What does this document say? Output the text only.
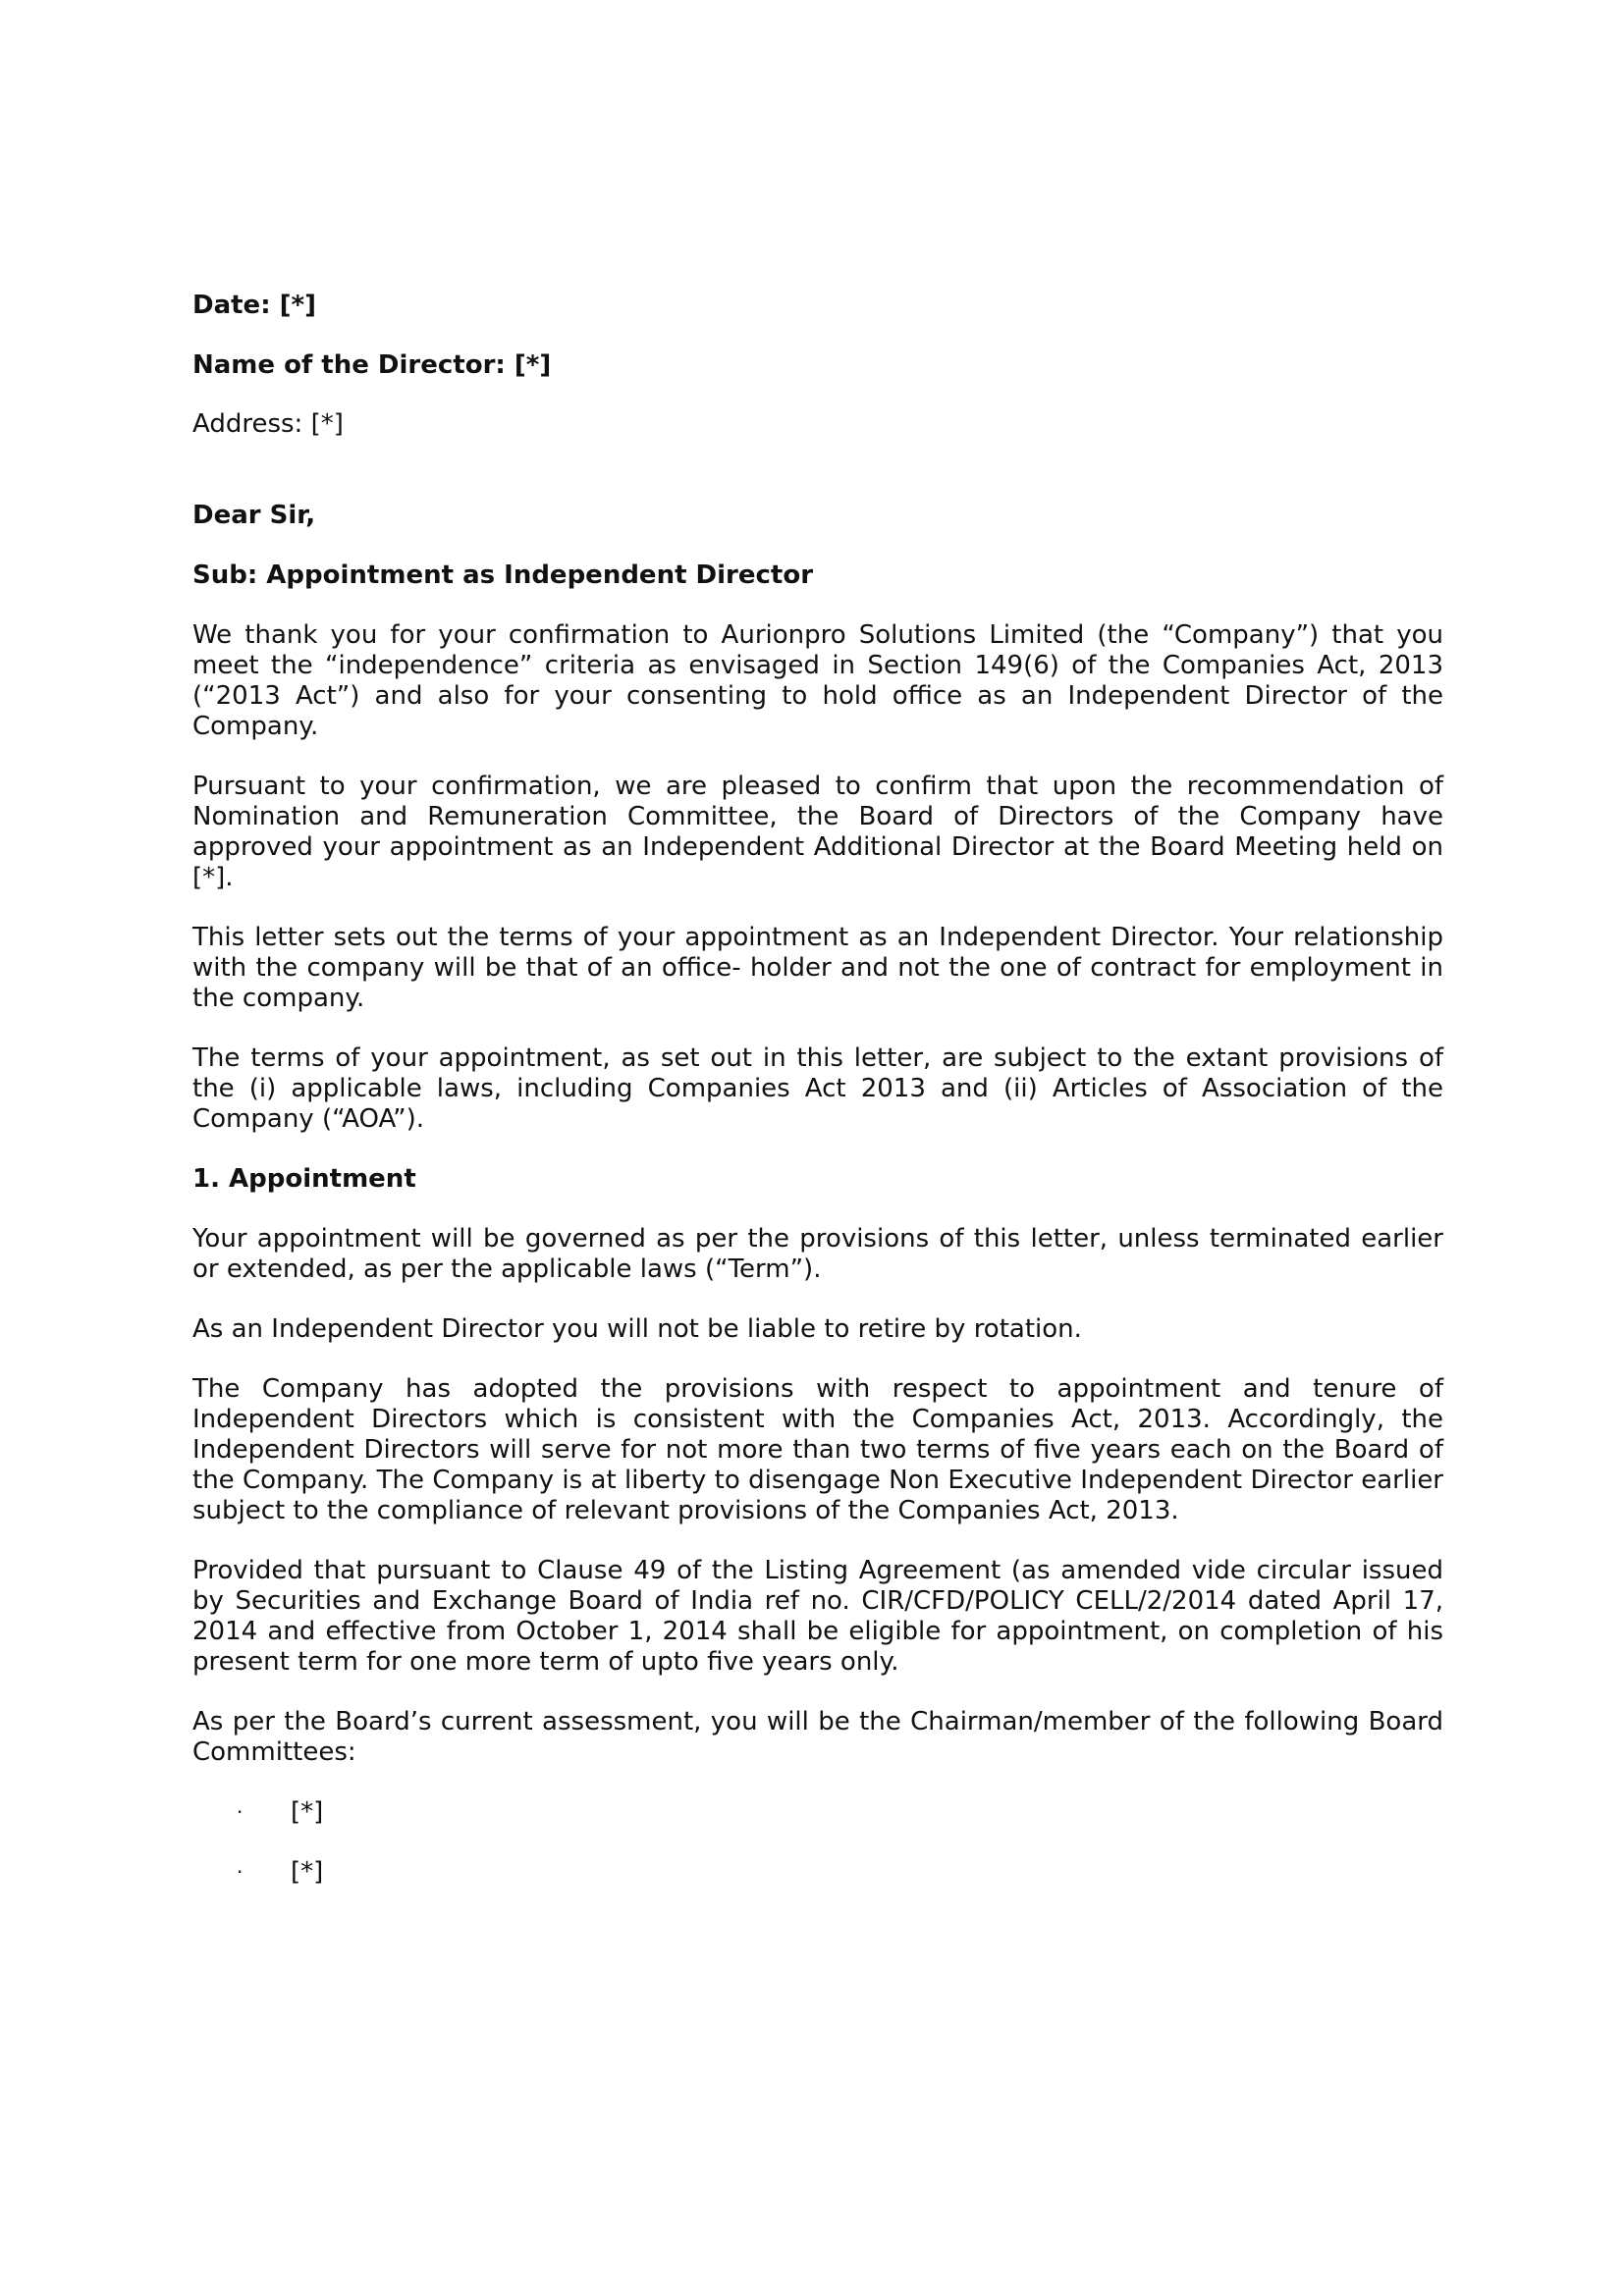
Date: [*]

Name of the Director: [*]

Address: [*]

Dear Sir,

Sub: Appointment as Independent Director

We thank you for your confirmation to Aurionpro Solutions Limited (the “Company”) that you meet the “independence” criteria as envisaged in Section 149(6) of the Companies Act, 2013 (“2013 Act”) and also for your consenting to hold office as an Independent Director of the Company.

Pursuant to your confirmation, we are pleased to confirm that upon the recommendation of Nomination and Remuneration Committee, the Board of Directors of the Company have approved your appointment as an Independent Additional Director at the Board Meeting held on [*].

This letter sets out the terms of your appointment as an Independent Director. Your relationship with the company will be that of an office- holder and not the one of contract for employment in the company.

The terms of your appointment, as set out in this letter, are subject to the extant provisions of the (i) applicable laws, including Companies Act 2013 and (ii) Articles of Association of the Company (“AOA”).

1. Appointment

Your appointment will be governed as per the provisions of this letter, unless terminated earlier or extended, as per the applicable laws (“Term”).

As an Independent Director you will not be liable to retire by rotation.

The Company has adopted the provisions with respect to appointment and tenure of Independent Directors which is consistent with the Companies Act, 2013. Accordingly, the Independent Directors will serve for not more than two terms of five years each on the Board of the Company. The Company is at liberty to disengage Non Executive Independent Director earlier subject to the compliance of relevant provisions of the Companies Act, 2013.

Provided that pursuant to Clause 49 of the Listing Agreement (as amended vide circular issued by Securities and Exchange Board of India ref no. CIR/CFD/POLICY CELL/2/2014 dated April 17, 2014 and effective from October 1, 2014 shall be eligible for appointment, on completion of his present term for one more term of upto five years only.

As per the Board’s current assessment, you will be the Chairman/member of the following Board Committees:

· [*]

· [*]
